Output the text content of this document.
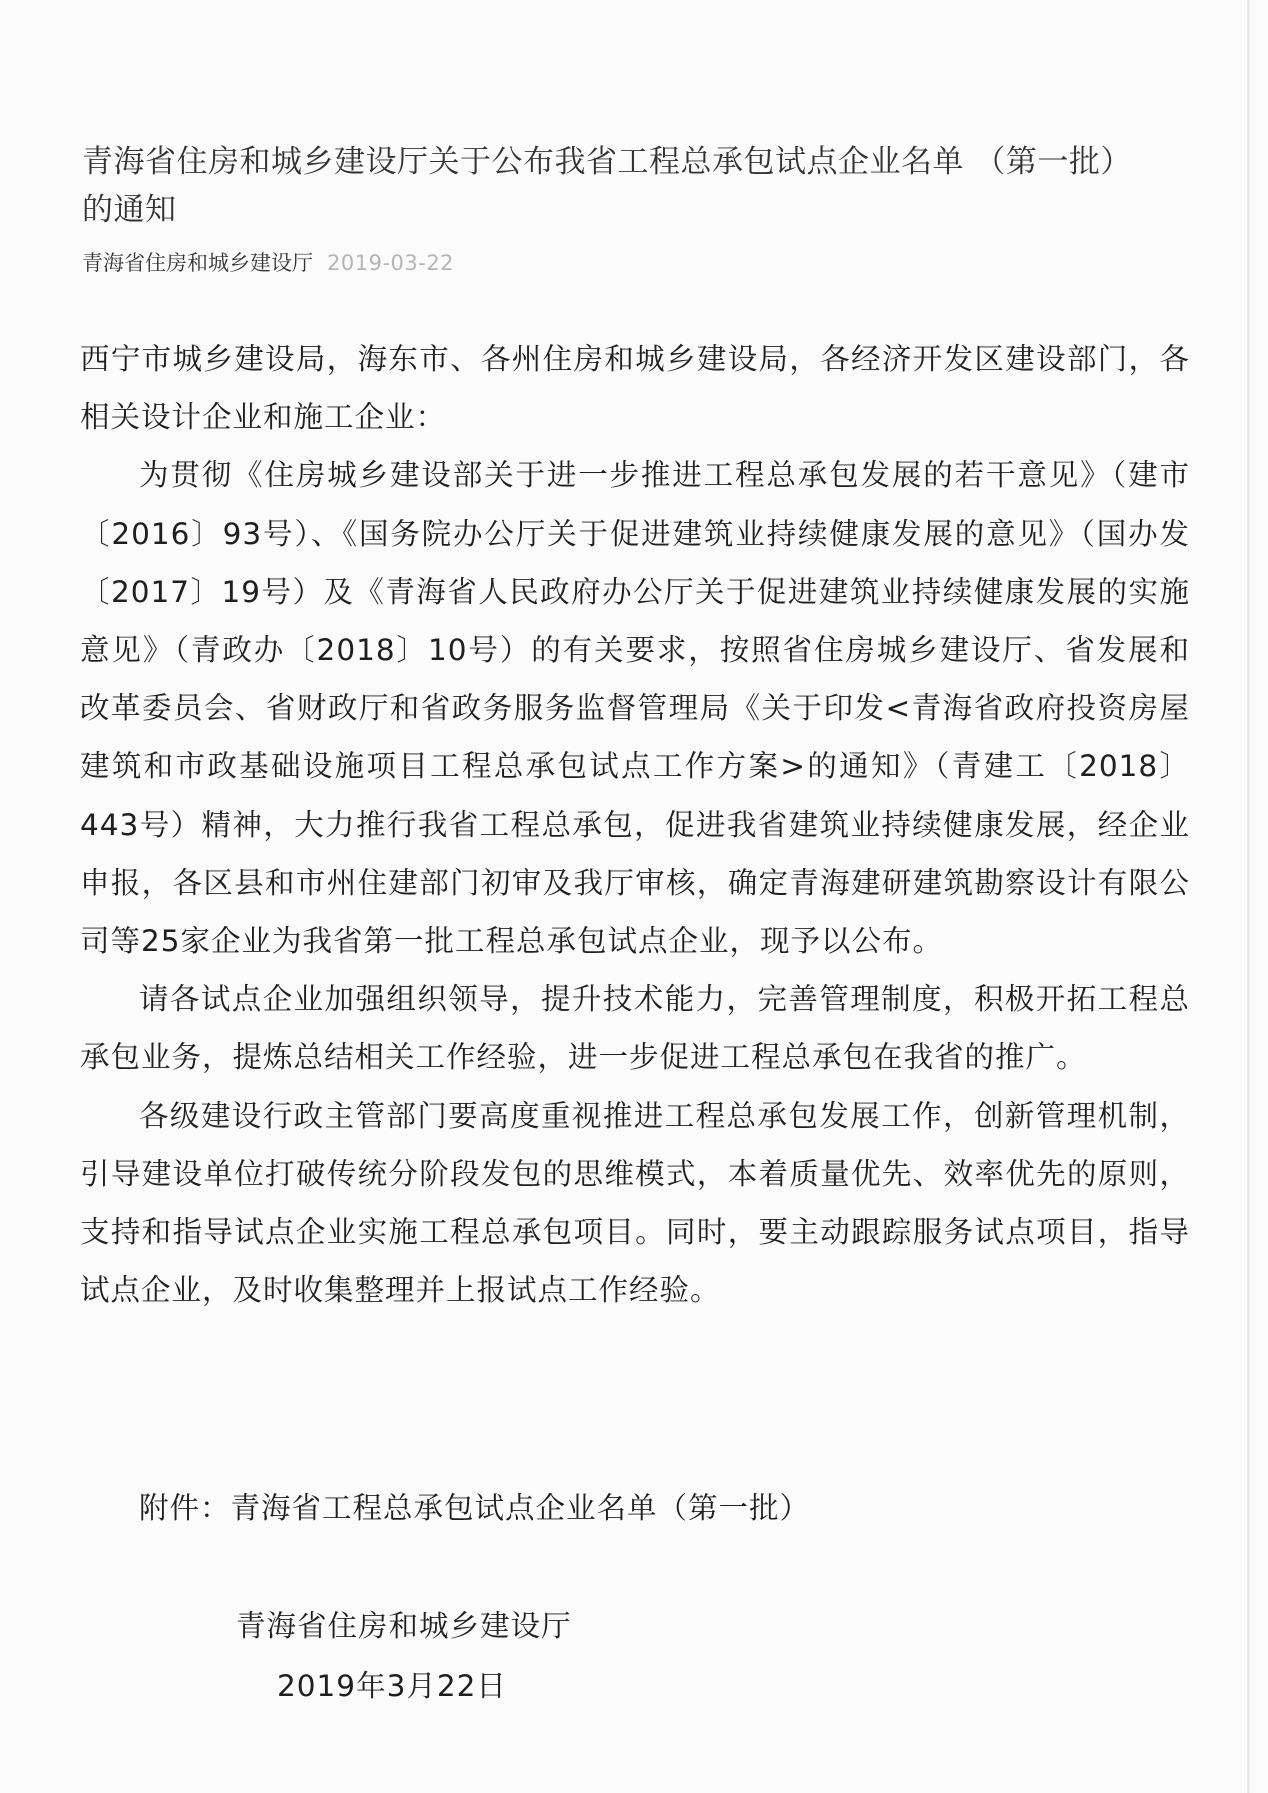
青海省住房和城乡建设厅关于公布我省工程总承包试点企业名单 （第一批）的通知
青海省住房和城乡建设厅 2019-03-22

西宁市城乡建设局，海东市、各州住房和城乡建设局，各经济开发区建设部门，各相关设计企业和施工企业：

为贯彻《住房城乡建设部关于进一步推进工程总承包发展的若干意见》（建市〔2016〕93号）、《国务院办公厅关于促进建筑业持续健康发展的意见》（国办发〔2017〕19号）及《青海省人民政府办公厅关于促进建筑业持续健康发展的实施意见》（青政办〔2018〕10号）的有关要求，按照省住房城乡建设厅、省发展和改革委员会、省财政厅和省政务服务监督管理局《关于印发<青海省政府投资房屋建筑和市政基础设施项目工程总承包试点工作方案>的通知》（青建工〔2018〕443号）精神，大力推行我省工程总承包，促进我省建筑业持续健康发展，经企业申报，各区县和市州住建部门初审及我厅审核，确定青海建研建筑勘察设计有限公司等25家企业为我省第一批工程总承包试点企业，现予以公布。

请各试点企业加强组织领导，提升技术能力，完善管理制度，积极开拓工程总承包业务，提炼总结相关工作经验，进一步促进工程总承包在我省的推广。

各级建设行政主管部门要高度重视推进工程总承包发展工作，创新管理机制，引导建设单位打破传统分阶段发包的思维模式，本着质量优先、效率优先的原则，支持和指导试点企业实施工程总承包项目。同时，要主动跟踪服务试点项目，指导试点企业，及时收集整理并上报试点工作经验。

附件：青海省工程总承包试点企业名单（第一批）
青海省住房和城乡建设厅
2019年3月22日
